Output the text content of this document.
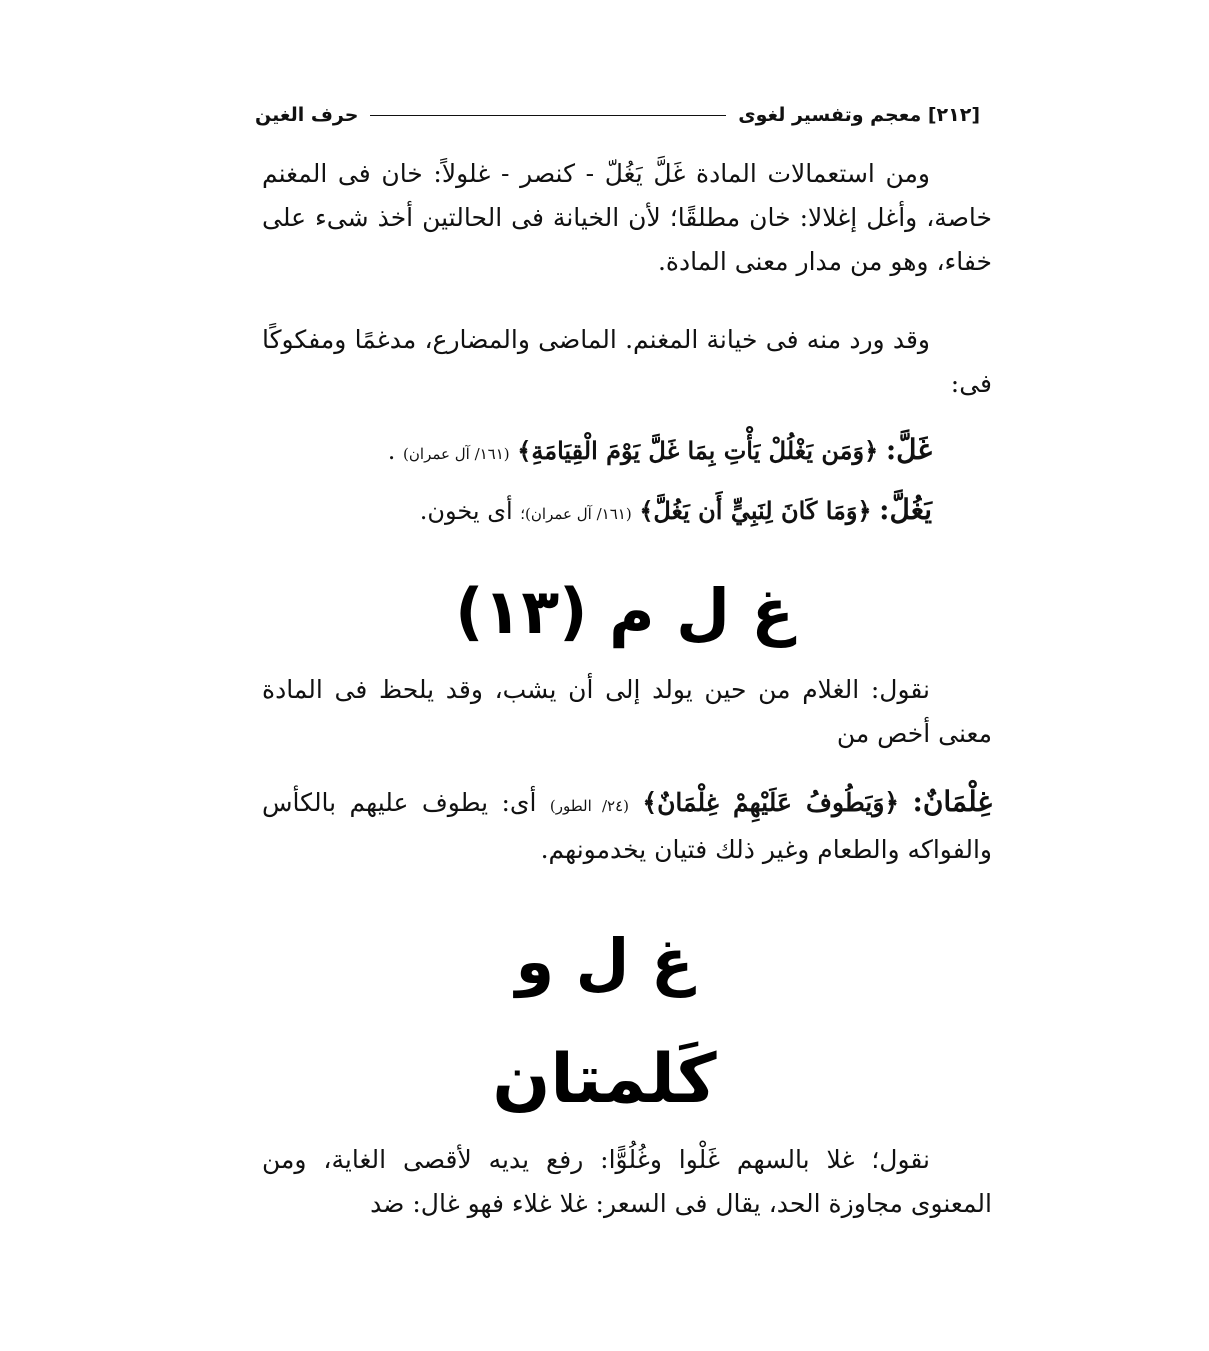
[٢١٢] معجم وتفسير لغوى
حرف الغين

ومن استعمالات المادة غَلَّ يَغُلّ - كنصر - غلولاً: خان فى المغنم خاصة، وأغل إغلالا: خان مطلقًا؛ لأن الخيانة فى الحالتين أخذ شىء على خفاء، وهو من مدار معنى المادة.

وقد ورد منه فى خيانة المغنم. الماضى والمضارع، مدغمًا ومفكوكًا فى:

غَلَّ: ﴿وَمَن يَغْلُلْ يَأْتِ بِمَا غَلَّ يَوْمَ الْقِيَامَةِ﴾ (١٦١/ آل عمران) .
يَغُلَّ: ﴿وَمَا كَانَ لِنَبِيٍّ أَن يَغُلَّ﴾ (١٦١/ آل عمران)؛ أى يخون.
غ ل م (١٣)

نقول: الغلام من حين يولد إلى أن يشب، وقد يلحظ فى المادة معنى أخص من

غِلْمَانٌ: ﴿وَيَطُوفُ عَلَيْهِمْ غِلْمَانٌ﴾ (٢٤/ الطور) أى: يطوف عليهم بالكأس والفواكه والطعام وغير ذلك فتيان يخدمونهم.

غ ل و
كَلمتان

نقول؛ غلا بالسهم غَلْوا وغُلُوًّا: رفع يديه لأقصى الغاية، ومن المعنوى مجاوزة الحد، يقال فى السعر: غلا غلاء فهو غال: ضد
